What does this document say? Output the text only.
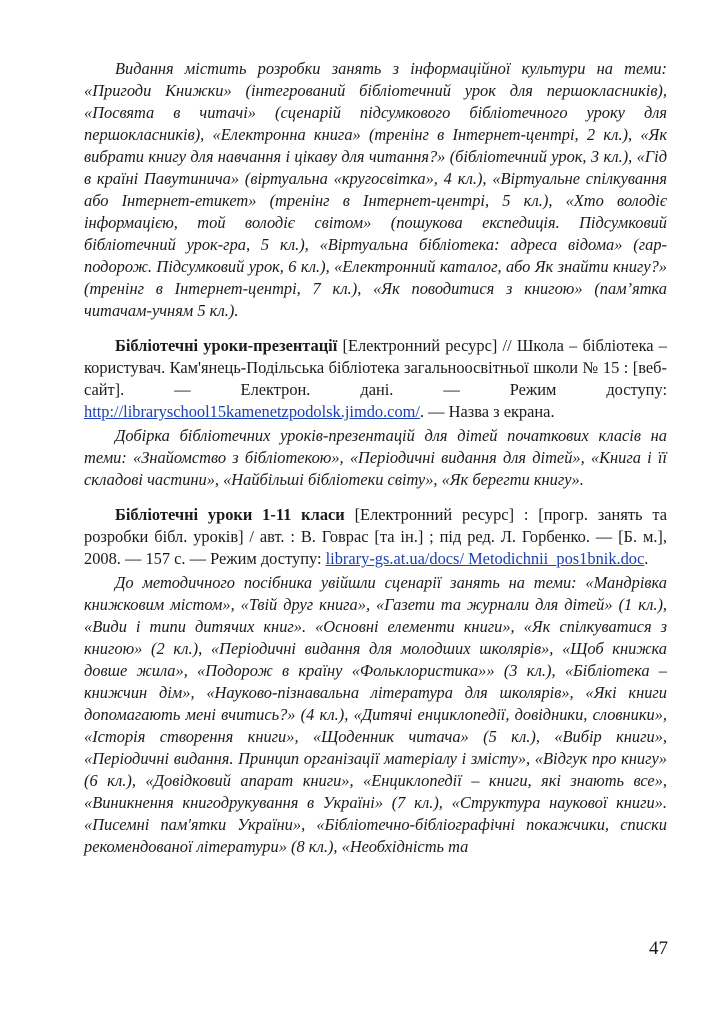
Видання містить розробки занять з інформаційної культури на теми: «Пригоди Книжки» (інтегрований бібліотечний урок для першокласників), «Посвята в читачі» (сценарій підсумкового бібліотечного уроку для першокласників), «Електронна книга» (тренінг в Інтернет-центрі, 2 кл.), «Як вибрати книгу для навчання і цікаву для читання?» (бібліотечний урок, 3 кл.), «Гід в країні Павутинича» (віртуальна «кругосвітка», 4 кл.), «Віртуальне спілкування або Інтернет-етикет» (тренінг в Інтернет-центрі, 5 кл.), «Хто володіє інформацією, той володіє світом» (пошукова експедиція. Підсумковий бібліотечний урок-гра, 5 кл.), «Віртуальна бібліотека: адреса відома» (гар-подорож. Підсумковий урок, 6 кл.), «Електронний каталог, або Як знайти книгу?» (тренінг в Інтернет-центрі, 7 кл.), «Як поводитися з книгою» (пам’ятка читачам-учням 5 кл.).

Бібліотечні уроки-презентації [Електронний ресурс] // Школа – бібліотека – користувач. Кам'янець-Подільська бібліотека загальноосвітньої школи № 15 : [веб-сайт]. — Електрон. дані. — Режим доступу: http://libraryschool15kamenetzpodolsk.jimdo.com/. — Назва з екрана.

Добірка бібліотечних уроків-презентацій для дітей початкових класів на теми: «Знайомство з бібліотекою», «Періодичні видання для дітей», «Книга і її складові частини», «Найбільші бібліотеки світу», «Як берегти книгу».

Бібліотечні уроки 1-11 класи [Електронний ресурс] : [прогр. занять та розробки бібл. уроків] / авт. : В. Говрас [та ін.] ; під ред. Л. Горбенко. — [Б. м.], 2008. — 157 с. — Режим доступу: library-gs.at.ua/docs/ Metodichnii_pos1bnik.doc.

До методичного посібника увійшли сценарії занять на теми: «Мандрівка книжковим містом», «Твій друг книга», «Газети та журнали для дітей» (1 кл.), «Види і типи дитячих книг». «Основні елементи книги», «Як спілкуватися з книгою» (2 кл.), «Періодичні видання для молодших школярів», «Щоб книжка довше жила», «Подорож в країну «Фольклористика»» (3 кл.), «Бібліотека – книжчин дім», «Науково-пізнавальна література для школярів», «Які книги допомагають мені вчитись?» (4 кл.), «Дитячі енциклопедії, довідники, словники», «Історія створення книги», «Щоденник читача» (5 кл.), «Вибір книги», «Періодичні видання. Принцип організації матеріалу і змісту», «Відгук про книгу» (6 кл.), «Довідковий апарат книги», «Енциклопедії – книги, які знають все», «Виникнення книгодрукування в Україні» (7 кл.), «Структура наукової книги». «Писемні пам'ятки України», «Бібліотечно-бібліографічні покажчики, списки рекомендованої літератури» (8 кл.), «Необхідність та

47
